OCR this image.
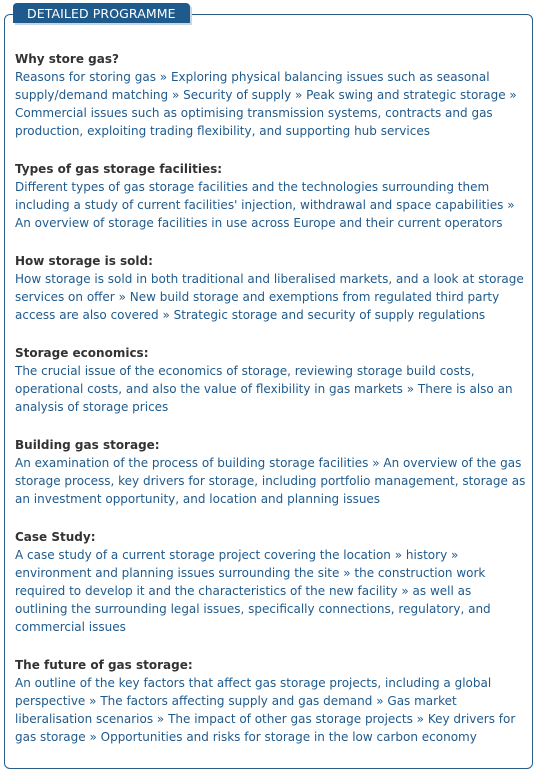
DETAILED PROGRAMME
Why store gas?
Reasons for storing gas » Exploring physical balancing issues such as seasonal supply/demand matching » Security of supply » Peak swing and strategic storage » Commercial issues such as optimising transmission systems, contracts and gas production, exploiting trading flexibility, and supporting hub services
Types of gas storage facilities:
Different types of gas storage facilities and the technologies surrounding them including a study of current facilities' injection, withdrawal and space capabilities » An overview of storage facilities in use across Europe and their current operators
How storage is sold:
How storage is sold in both traditional and liberalised markets, and a look at storage services on offer » New build storage and exemptions from regulated third party access are also covered » Strategic storage and security of supply regulations
Storage economics:
The crucial issue of the economics of storage, reviewing storage build costs, operational costs, and also the value of flexibility in gas markets » There is also an analysis of storage prices
Building gas storage:
An examination of the process of building storage facilities » An overview of the gas storage process, key drivers for storage, including portfolio management, storage as an investment opportunity, and location and planning issues
Case Study:
A case study of a current storage project covering the location » history » environment and planning issues surrounding the site » the construction work required to develop it and the characteristics of the new facility » as well as outlining the surrounding legal issues, specifically connections, regulatory, and commercial issues
The future of gas storage:
An outline of the key factors that affect gas storage projects, including a global perspective » The factors affecting supply and gas demand » Gas market liberalisation scenarios » The impact of other gas storage projects » Key drivers for gas storage » Opportunities and risks for storage in the low carbon economy
